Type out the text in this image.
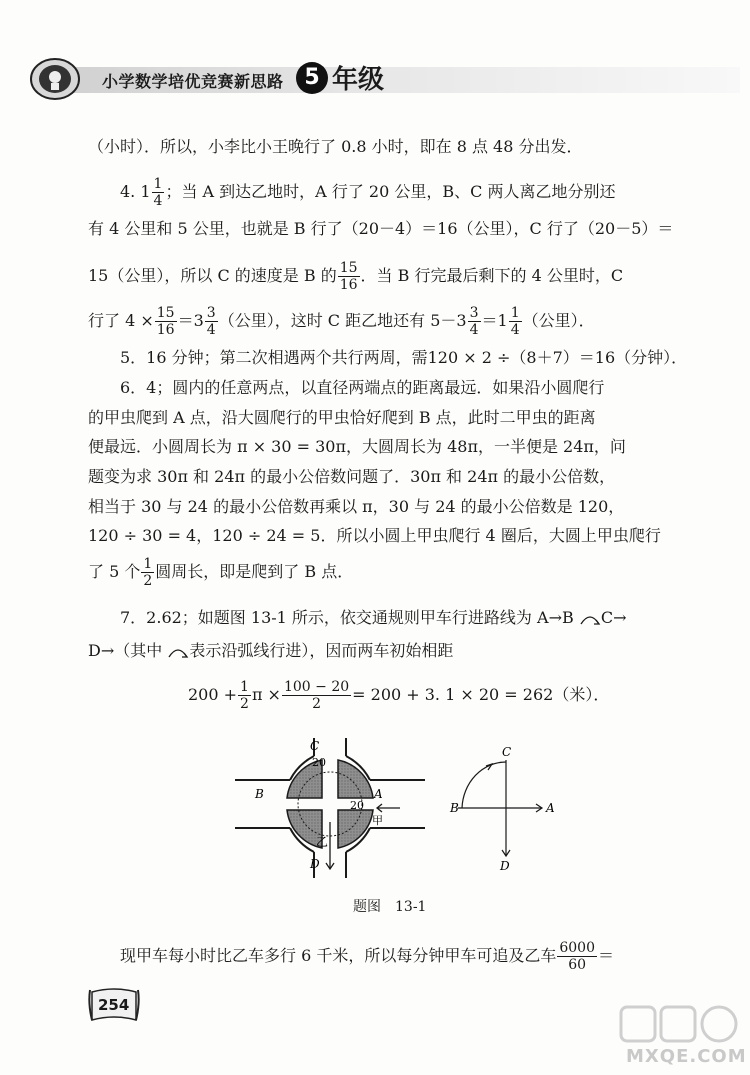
小学数学培优竞赛新思路 5 年级
（小时）．所以，小李比小王晚行了 0.8 小时，即在 8 点 48 分出发．
4. $1 \frac{1}{4}$ ；当 A 到达乙地时，A 行了 20 公里，B、C 两人离乙地分别还
有 4 公里和 5 公里，也就是 B 行了（20－4）＝16（公里），C 行了（20－5）＝
15（公里），所以 C 的速度是 B 的 $\frac{15}{16}$ ．当 B 行完最后剩下的 4 公里时，C
行了 $4 \times \frac{15}{16} =3 \frac{3}{4}$ （公里），这时 C 距乙地还有 $5-3 \frac{3}{4} =1 \frac{1}{4}$ （公里）．
5．16 分钟；第二次相遇两个共行两周，需120 × 2 ÷（8＋7）＝16（分钟）．
6．4；圆内的任意两点，以直径两端点的距离最远．如果沿小圆爬行
的甲虫爬到 A 点，沿大圆爬行的甲虫恰好爬到 B 点，此时二甲虫的距离
便最远．小圆周长为 π × 30 = 30π，大圆周长为 48π，一半便是 24π，问
题变为求 30π 和 24π 的最小公倍数问题了．30π 和 24π 的最小公倍数，
相当于 30 与 24 的最小公倍数再乘以 π，30 与 24 的最小公倍数是 120，
120 ÷ 30 = 4，120 ÷ 24 = 5．所以小圆上甲虫爬行 4 圈后，大圆上甲虫爬行
了 5 个 $\frac{1}{2}$ 圆周长，即是爬到了 B 点．
7．2.62；如题图 13-1 所示，依交通规则甲车行进路线为 A→B C→
D→（其中 表示沿弧线行进），因而两车初始相距
$200 + \frac{1}{2}$ $\pi \times \frac{100 - 20}{2} = 200 + 3$. 1 × 20 = 262（米）．
C
20
B	A
20
甲
乙
D
C
B	A
D
题图　13-1
现甲车每小时比乙车多行 6 千米，所以每分钟甲车可追及乙车 $\frac{6000}{60}$ ＝
254
MXQE.COM
